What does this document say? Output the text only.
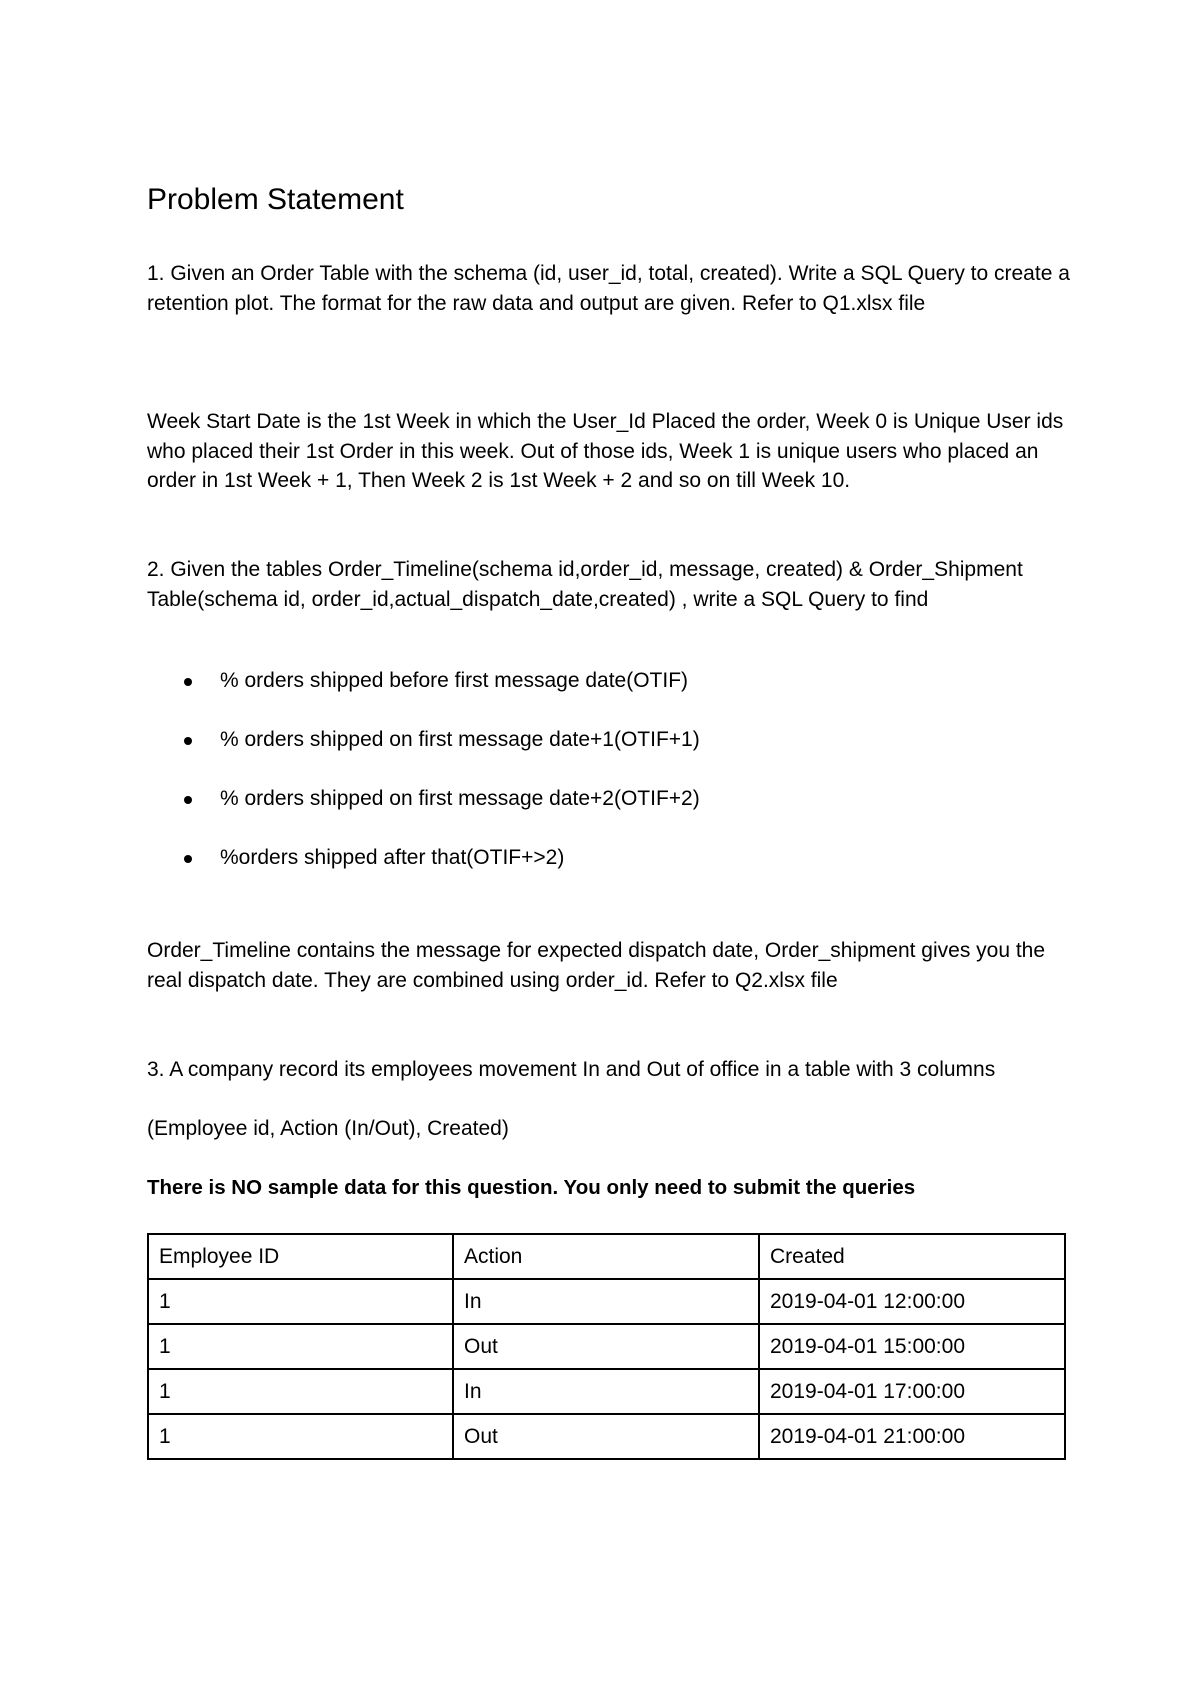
Problem Statement

1. Given an Order Table with the schema (id, user_id, total, created). Write a SQL Query to create a retention plot. The format for the raw data and output are given. Refer to Q1.xlsx file

Week Start Date is the 1st Week in which the User_Id Placed the order, Week 0 is Unique User ids who placed their 1st Order in this week. Out of those ids, Week 1 is unique users who placed an order in 1st Week + 1, Then Week 2 is 1st Week + 2 and so on till Week 10.

2. Given the tables Order_Timeline(schema id,order_id, message, created) & Order_Shipment Table(schema id, order_id,actual_dispatch_date,created) , write a SQL Query to find

% orders shipped before first message date(OTIF)
% orders shipped on first message date+1(OTIF+1)
% orders shipped on first message date+2(OTIF+2)
%orders shipped after that(OTIF+>2)

Order_Timeline contains the message for expected dispatch date, Order_shipment gives you the real dispatch date. They are combined using order_id. Refer to Q2.xlsx file

3. A company record its employees movement In and Out of office in a table with 3 columns

(Employee id, Action (In/Out), Created)

There is NO sample data for this question. You only need to submit the queries
Employee ID	Action	Created
1	In	2019-04-01 12:00:00
1	Out	2019-04-01 15:00:00
1	In	2019-04-01 17:00:00
1	Out	2019-04-01 21:00:00
